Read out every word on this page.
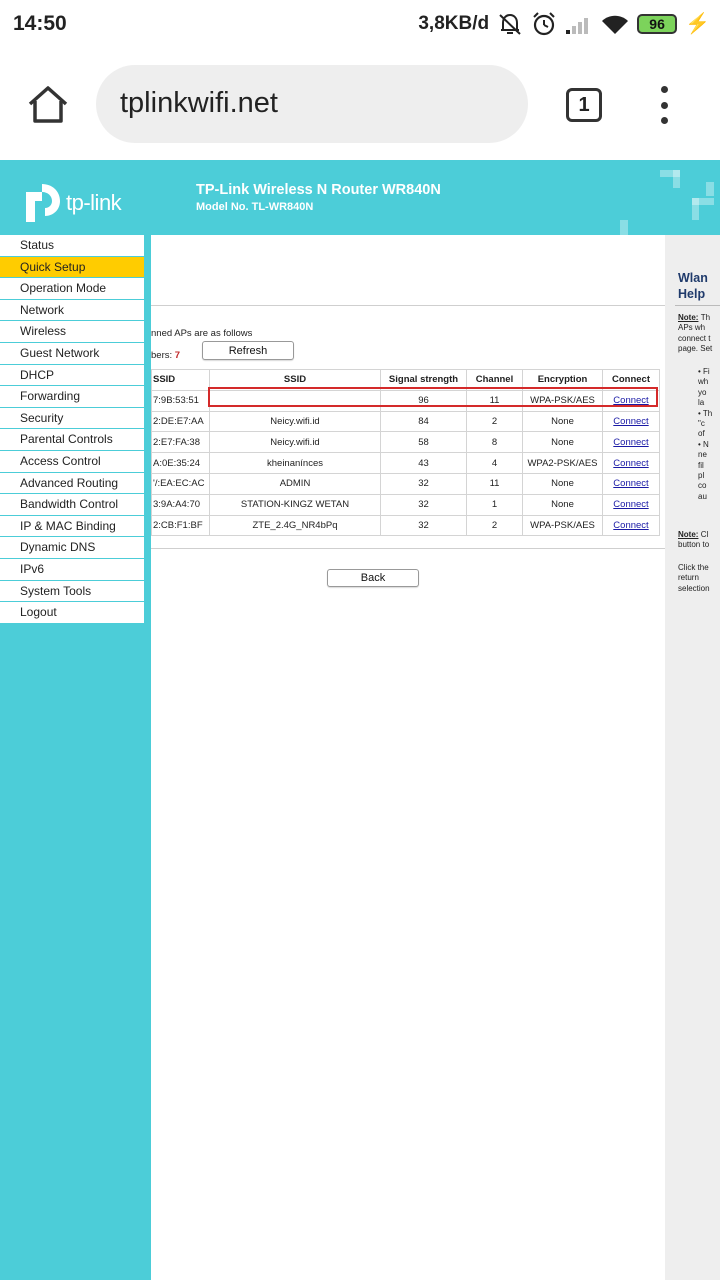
14:50	3,8KB/d	96	⚡
tplinkwifi.net	1
tp-link	TP-Link Wireless N Router WR840N
Model No. TL-WR840N
Status
Quick Setup
Operation Mode
Network
Wireless
Guest Network
DHCP
Forwarding
Security
Parental Controls
Access Control
Advanced Routing
Bandwidth Control
IP & MAC Binding
Dynamic DNS
IPv6
System Tools
Logout
nned APs are as follows
bers: 7	Refresh
SSID	SSID	Signal strength	Channel	Encryption	Connect
7:9B:53:51		96	11	WPA-PSK/AES	Connect
2:DE:E7:AA	Neicy.wifi.id	84	2	None	Connect
2:E7:FA:38	Neicy.wifi.id	58	8	None	Connect
A:0E:35:24	kheinanínces	43	4	WPA2-PSK/AES	Connect
'/:EA:EC:AC	ADMIN	32	11	None	Connect
3:9A:A4:70	STATION-KINGZ WETAN	32	1	None	Connect
2:CB:F1:BF	ZTE_2.4G_NR4bPq	32	2	WPA-PSK/AES	Connect
Back
Wlan
Help
Note: Th
APs wh
connect t
page. Set
• Fi
wh
yo
la
• Th
"c
of
• N
ne
fil
pl
co
au
Note: Cl
button to
Click the
return
selection
